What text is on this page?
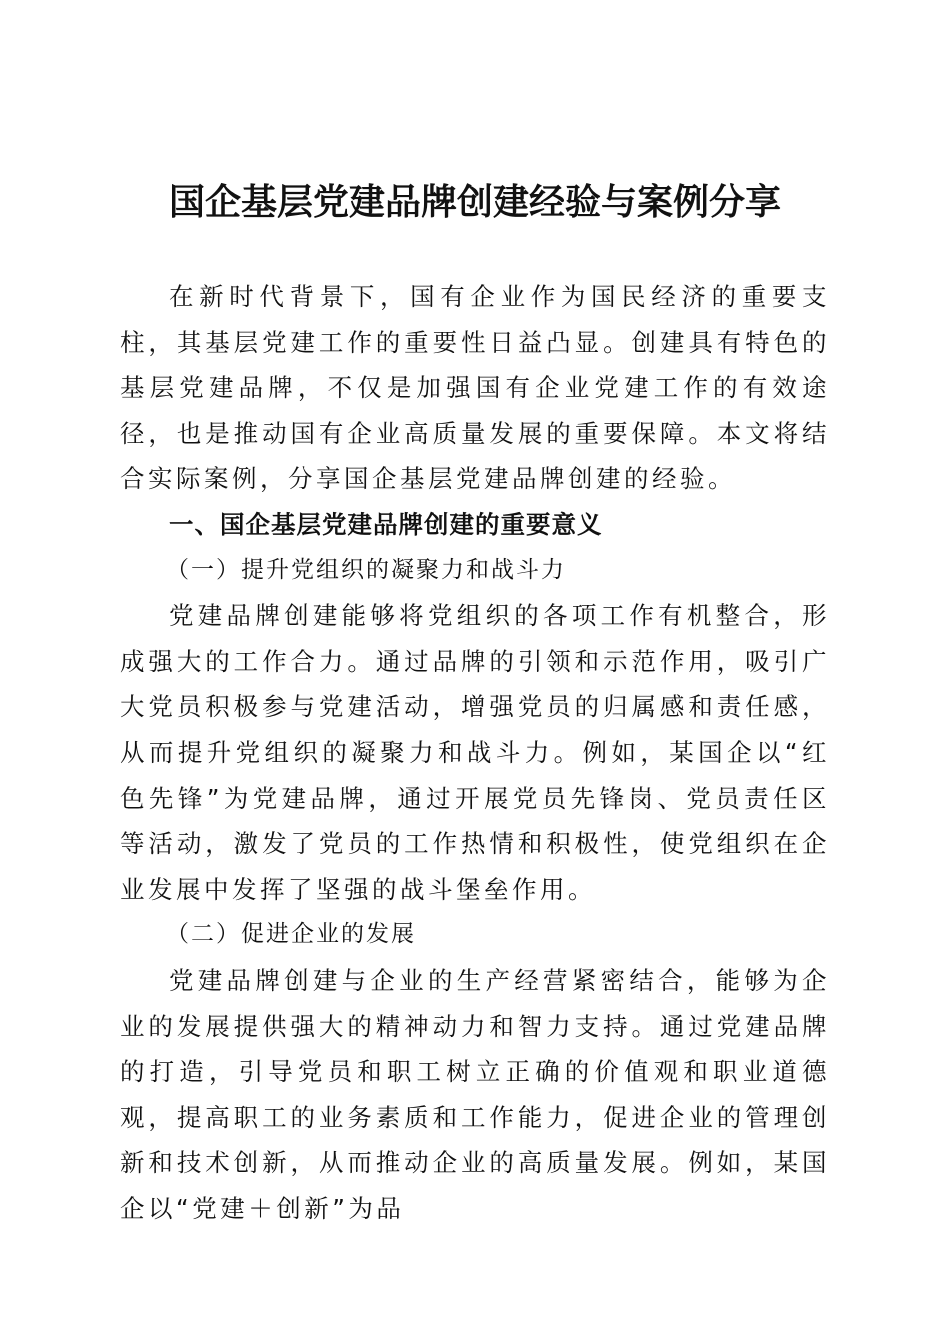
国企基层党建品牌创建经验与案例分享

在新时代背景下，国有企业作为国民经济的重要支柱，其基层党建工作的重要性日益凸显。创建具有特色的基层党建品牌，不仅是加强国有企业党建工作的有效途径，也是推动国有企业高质量发展的重要保障。本文将结合实际案例，分享国企基层党建品牌创建的经验。

一、国企基层党建品牌创建的重要意义

（一）提升党组织的凝聚力和战斗力

党建品牌创建能够将党组织的各项工作有机整合，形成强大的工作合力。通过品牌的引领和示范作用，吸引广大党员积极参与党建活动，增强党员的归属感和责任感，从而提升党组织的凝聚力和战斗力。例如，某国企以“红色先锋”为党建品牌，通过开展党员先锋岗、党员责任区等活动，激发了党员的工作热情和积极性，使党组织在企业发展中发挥了坚强的战斗堡垒作用。

（二）促进企业的发展

党建品牌创建与企业的生产经营紧密结合，能够为企业的发展提供强大的精神动力和智力支持。通过党建品牌的打造，引导党员和职工树立正确的价值观和职业道德观，提高职工的业务素质和工作能力，促进企业的管理创新和技术创新，从而推动企业的高质量发展。例如，某国企以“党建＋创新”为品
